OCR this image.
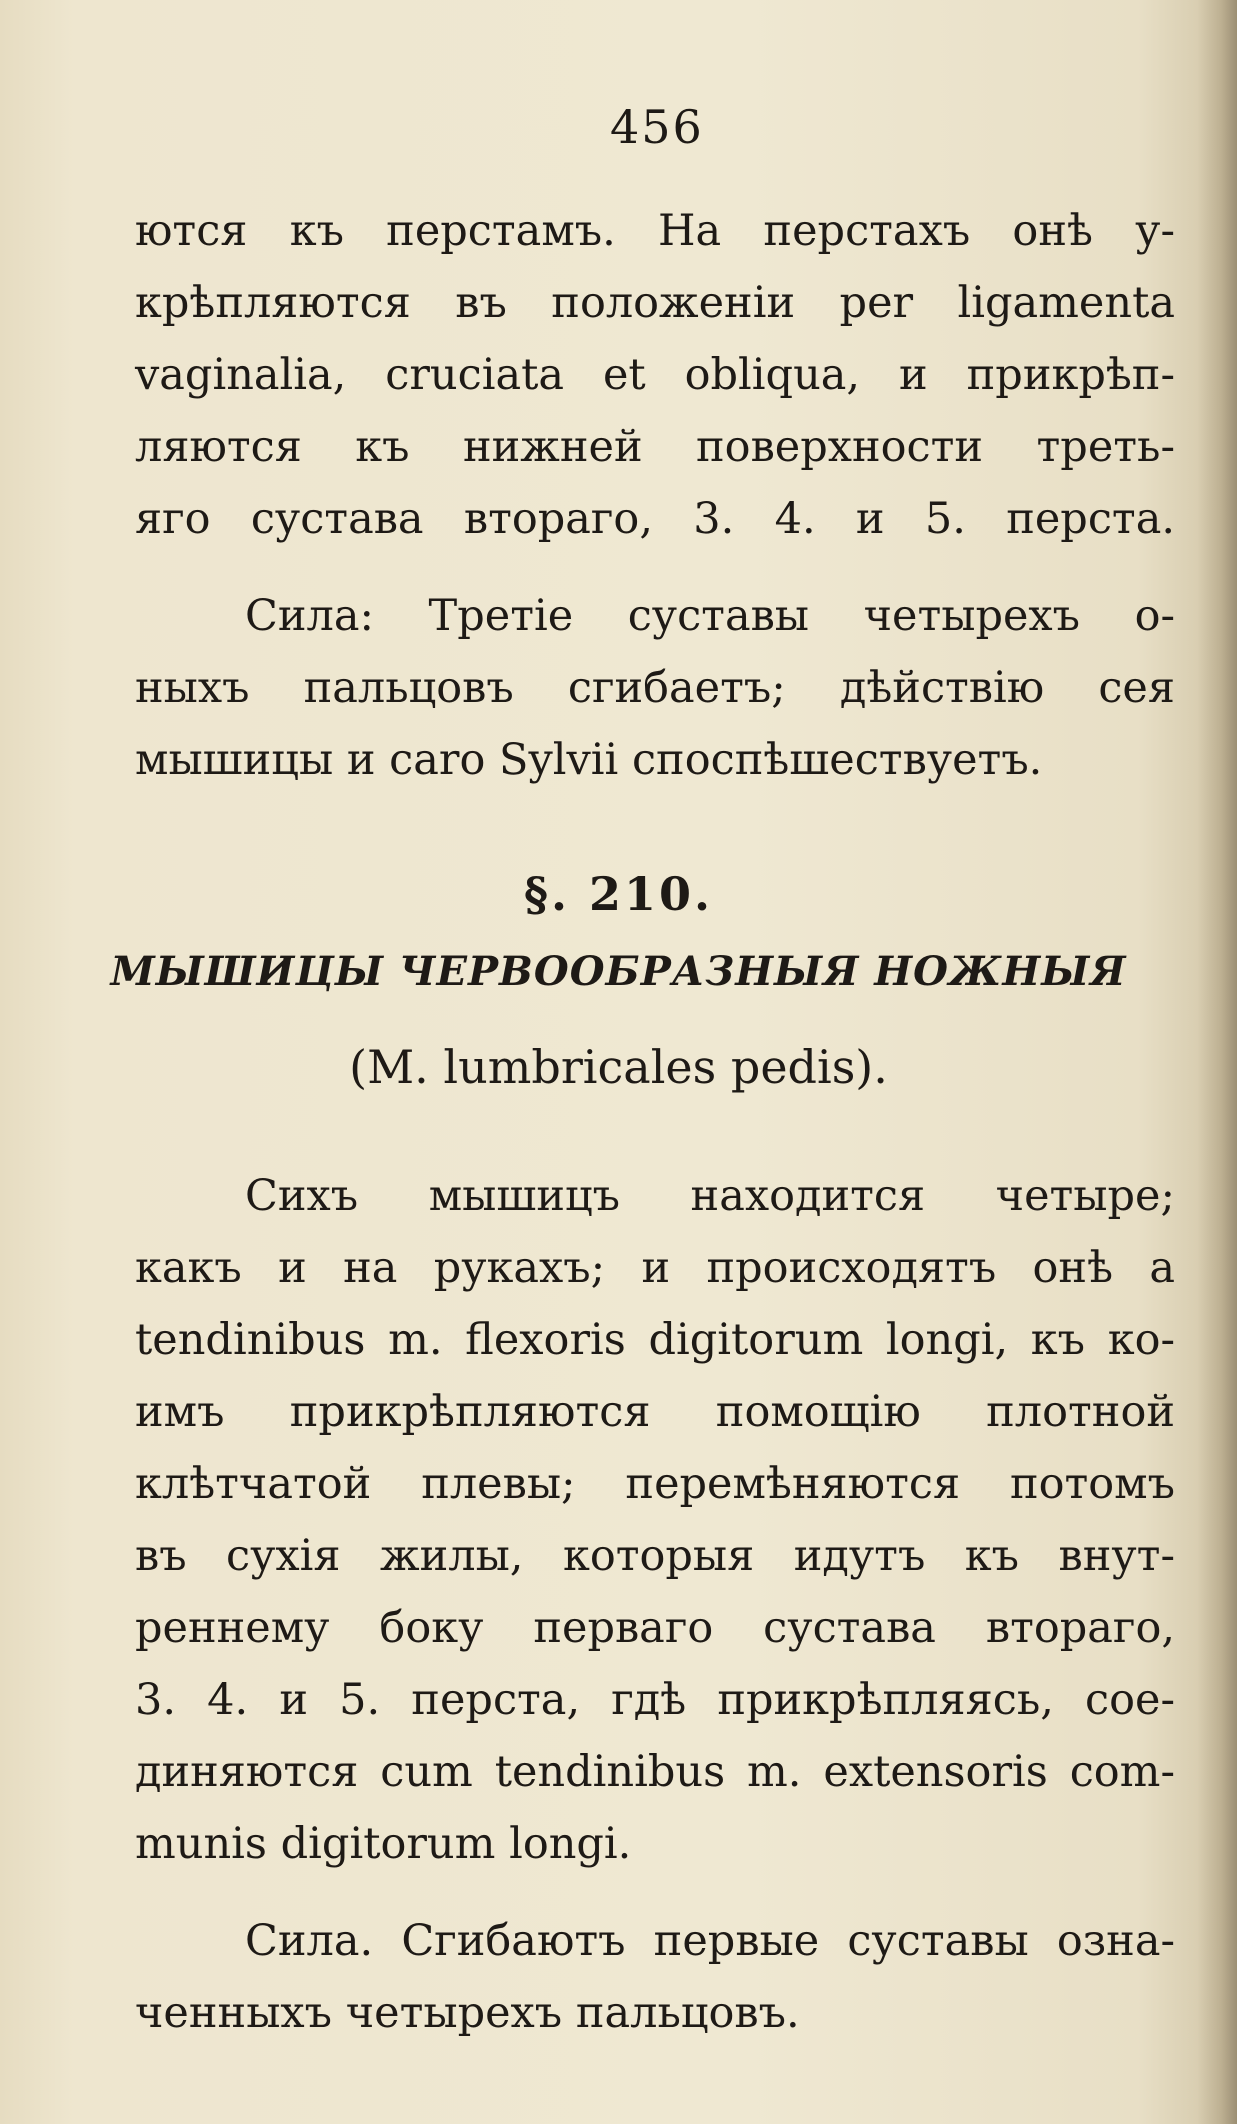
456
ются къ перстамъ. На перстахъ онѣ у-
крѣпляются въ положеніи per ligamenta
vaginalia, cruciata et obliqua, и прикрѣп-
ляются къ нижней поверхности треть-
яго сустава втораго, 3. 4. и 5. перста.
Сила: Третіе суставы четырехъ о-
ныхъ пальцовъ сгибаетъ; дѣйствію сея
мышицы и caro Sylvii споспѣшествуетъ.
§. 210.
МЫШИЦЫ ЧЕРВООБРАЗНЫЯ НОЖНЫЯ
(M. lumbricales pedis).
Сихъ мышицъ находится четыре;
какъ и на рукахъ; и происходятъ онѣ a
tendinibus m. flexoris digitorum longi, къ ко-
имъ прикрѣпляются помощію плотной
клѣтчатой плевы; перемѣняются потомъ
въ сухія жилы, которыя идутъ къ внут-
реннему боку перваго сустава втораго,
3. 4. и 5. перста, гдѣ прикрѣпляясь, сое-
диняются cum tendinibus m. extensoris com-
munis digitorum longi.
Сила. Сгибаютъ первые суставы озна-
ченныхъ четырехъ пальцовъ.
